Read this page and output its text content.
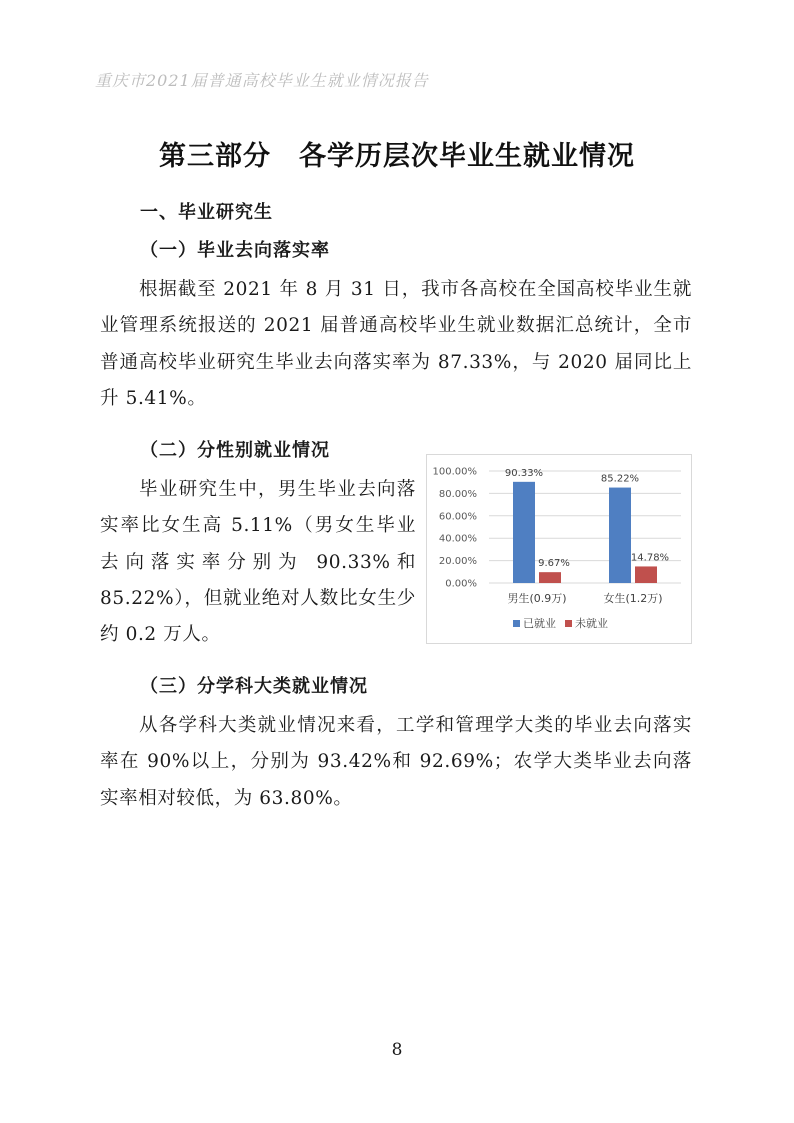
重庆市2021届普通高校毕业生就业情况报告
第三部分　各学历层次毕业生就业情况
一、毕业研究生
（一）毕业去向落实率

根据截至 2021 年 8 月 31 日，我市各高校在全国高校毕业生就业管理系统报送的 2021 届普通高校毕业生就业数据汇总统计，全市普通高校毕业研究生毕业去向落实率为 87.33%，与 2020 届同比上升 5.41%。

（二）分性别就业情况

毕业研究生中，男生毕业去向落实率比女生高 5.11%（男女生毕业去向落实率分别为 90.33%和 85.22%），但就业绝对人数比女生少约 0.2 万人。

0.00%
20.00%
40.00%
60.00%
80.00%
100.00%	90.33%
9.67%
男生(0.9万)
85.22%
14.78%
女生(1.2万)
已就业 未就业
（三）分学科大类就业情况

从各学科大类就业情况来看，工学和管理学大类的毕业去向落实率在 90%以上，分别为 93.42%和 92.69%；农学大类毕业去向落实率相对较低，为 63.80%。

8
